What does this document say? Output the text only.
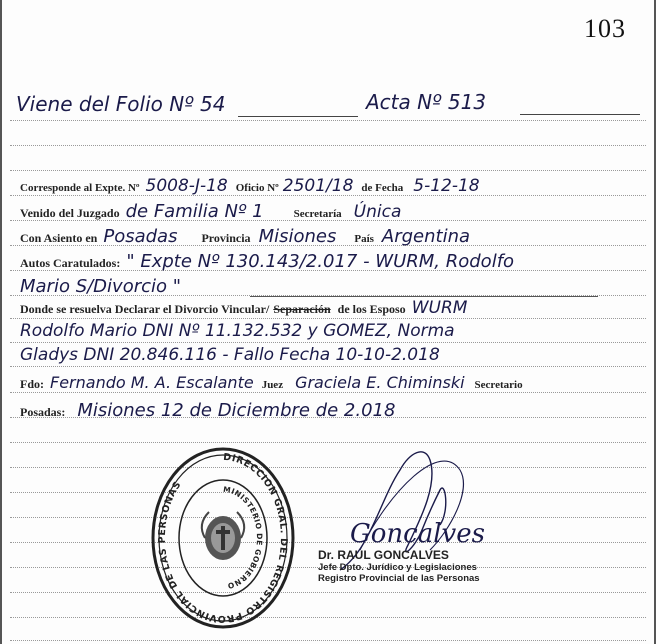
103
Viene del Folio Nº 54	Acta Nº 513
Corresponde al Expte. Nº 5008-J-18 Oficio Nº 2501/18 de Fecha 5-12-18
Venido del Juzgado de Familia Nº 1	Secretaría Única
Con Asiento en Posadas Provincia Misiones País Argentina
Autos Caratulados: " Expte Nº 130.143/2.017 - WURM, Rodolfo
Mario S/Divorcio "
Donde se resuelva Declarar el Divorcio Vincular/ Separación de los Esposo WURM
Rodolfo Mario DNI Nº 11.132.532 y GOMEZ, Norma
Gladys DNI 20.846.116 - Fallo Fecha 10-10-2.018
Fdo: Fernando M. A. Escalante Juez Graciela E. Chiminski Secretario
Posadas: Misiones 12 de Diciembre de 2.018
DIRECCION GRAL. DEL REGISTRO PROVINCIAL DE LAS PERSONAS	MINISTERIO DE GOBIERNO
Goncalves
Dr. RAUL GONCALVES
Jefe Dpto. Jurídico y Legislaciones
Registro Provincial de las Personas
